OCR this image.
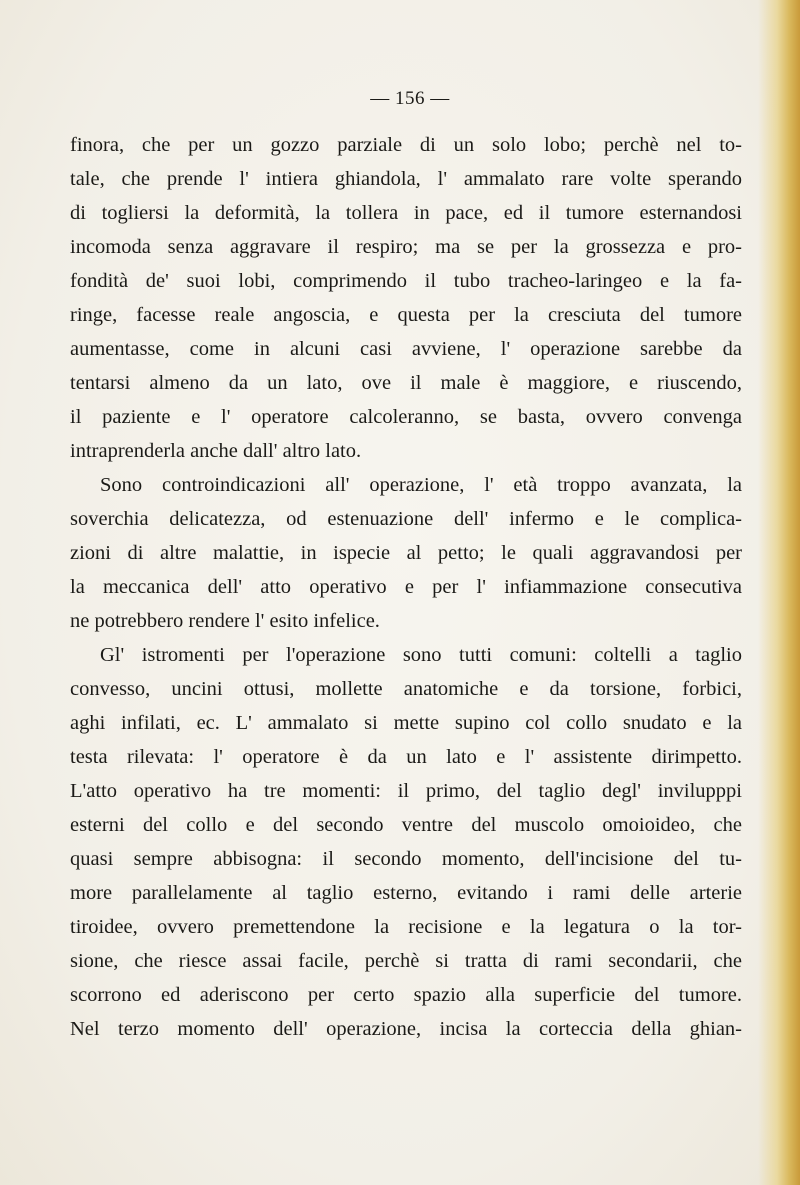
— 156 —
finora, che per un gozzo parziale di un solo lobo; perchè nel to-
tale, che prende l' intiera ghiandola, l' ammalato rare volte sperando
di togliersi la deformità, la tollera in pace, ed il tumore esternandosi
incomoda senza aggravare il respiro; ma se per la grossezza e pro-
fondità de' suoi lobi, comprimendo il tubo tracheo-laringeo e la fa-
ringe, facesse reale angoscia, e questa per la cresciuta del tumore
aumentasse, come in alcuni casi avviene, l' operazione sarebbe da
tentarsi almeno da un lato, ove il male è maggiore, e riuscendo,
il paziente e l' operatore calcoleranno, se basta, ovvero convenga
intraprenderla anche dall' altro lato.
Sono controindicazioni all' operazione, l' età troppo avanzata, la
soverchia delicatezza, od estenuazione dell' infermo e le complica-
zioni di altre malattie, in ispecie al petto; le quali aggravandosi per
la meccanica dell' atto operativo e per l' infiammazione consecutiva
ne potrebbero rendere l' esito infelice.
Gl' istromenti per l'operazione sono tutti comuni: coltelli a taglio
convesso, uncini ottusi, mollette anatomiche e da torsione, forbici,
aghi infilati, ec. L' ammalato si mette supino col collo snudato e la
testa rilevata: l' operatore è da un lato e l' assistente dirimpetto.
L'atto operativo ha tre momenti: il primo, del taglio degl' invilupppi
esterni del collo e del secondo ventre del muscolo omoioideo, che
quasi sempre abbisogna: il secondo momento, dell'incisione del tu-
more parallelamente al taglio esterno, evitando i rami delle arterie
tiroidee, ovvero premettendone la recisione e la legatura o la tor-
sione, che riesce assai facile, perchè si tratta di rami secondarii, che
scorrono ed aderiscono per certo spazio alla superficie del tumore.
Nel terzo momento dell' operazione, incisa la corteccia della ghian-
